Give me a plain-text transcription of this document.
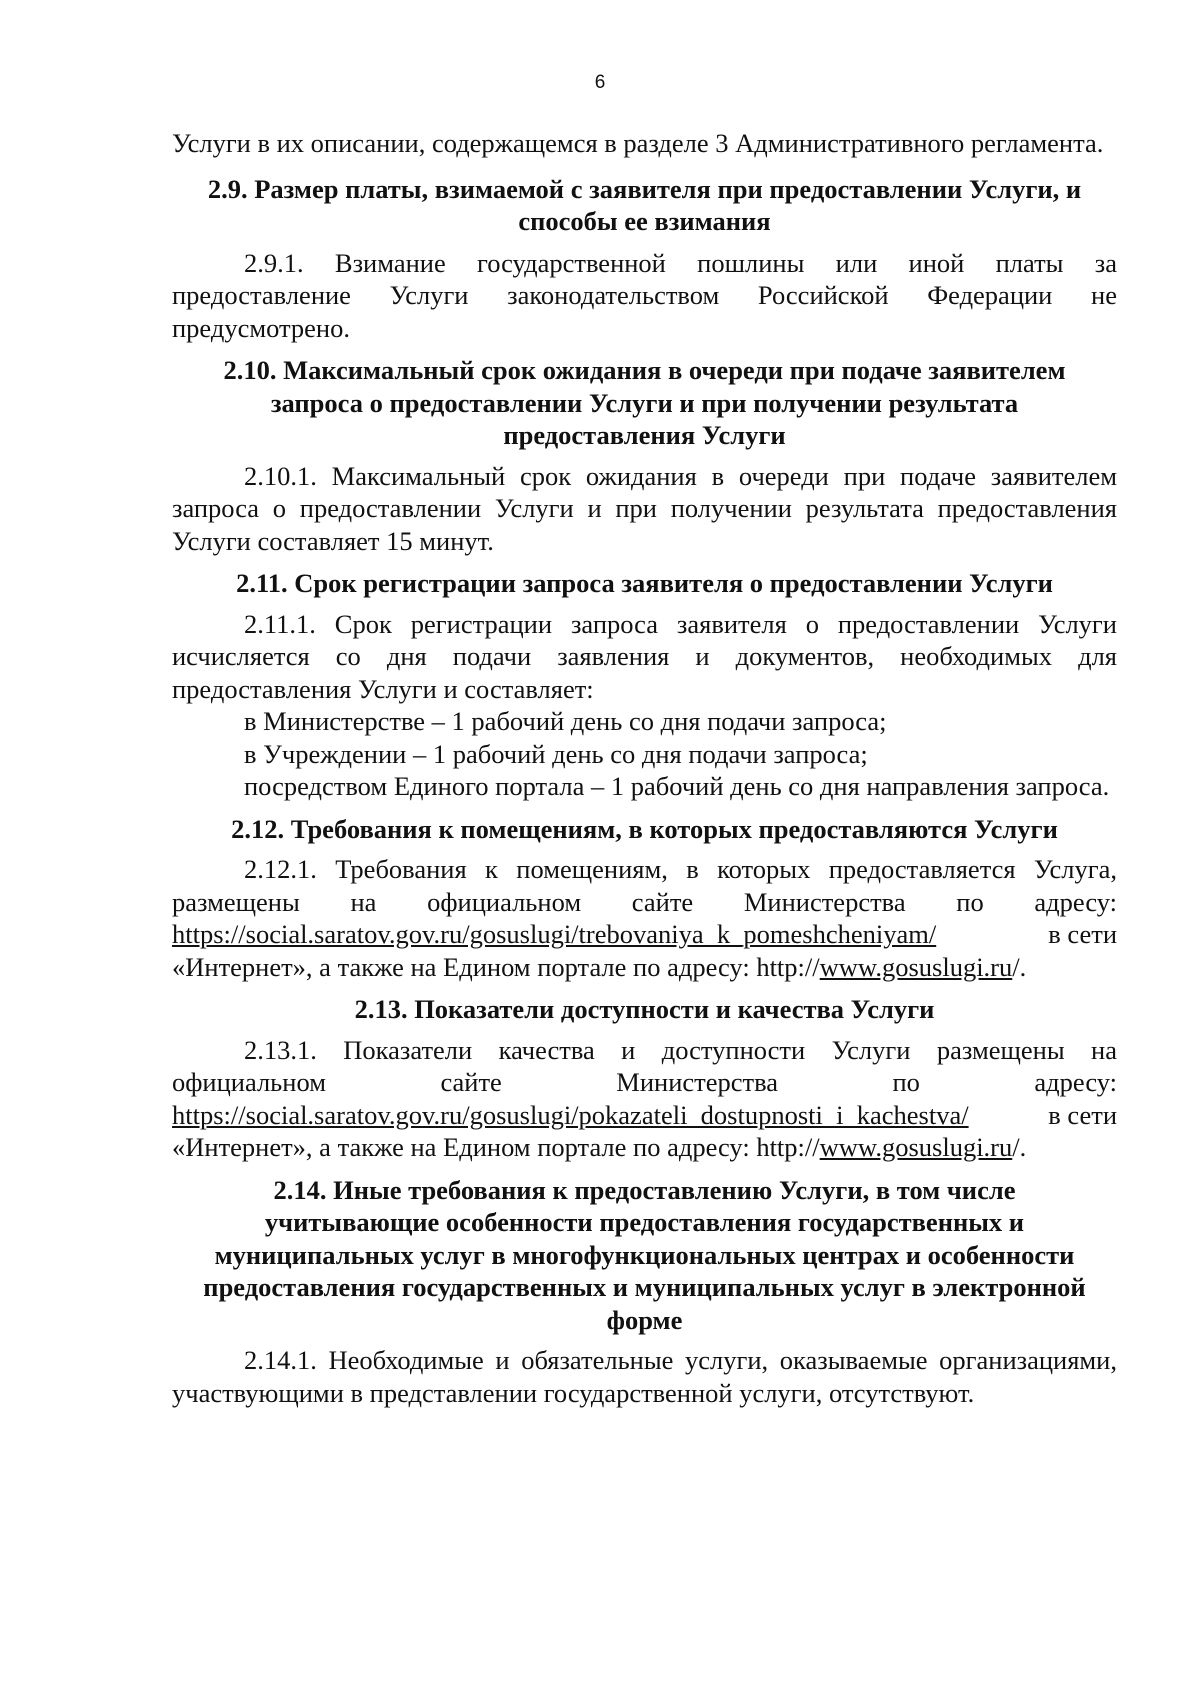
6

Услуги в их описании, содержащемся в разделе 3 Административного регламента.

2.9. Размер платы, взимаемой с заявителя при предоставлении Услуги, и способы ее взимания

2.9.1. Взимание государственной пошлины или иной платы за предоставление Услуги законодательством Российской Федерации не предусмотрено.

2.10. Максимальный срок ожидания в очереди при подаче заявителем запроса о предоставлении Услуги и при получении результата предоставления Услуги

2.10.1. Максимальный срок ожидания в очереди при подаче заявителем запроса о предоставлении Услуги и при получении результата предоставления Услуги составляет 15 минут.

2.11. Срок регистрации запроса заявителя о предоставлении Услуги

2.11.1. Срок регистрации запроса заявителя о предоставлении Услуги исчисляется со дня подачи заявления и документов, необходимых для предоставления Услуги и составляет:

в Министерстве – 1 рабочий день со дня подачи запроса;

в Учреждении – 1 рабочий день со дня подачи запроса;

посредством Единого портала – 1 рабочий день со дня направления запроса.

2.12. Требования к помещениям, в которых предоставляются Услуги
2.12.1. Требования к помещениям, в которых предоставляется Услуга,
размещены на официальном сайте Министерства по адресу:
https://social.saratov.gov.ru/gosuslugi/trebovaniya_k_pomeshcheniyam/	в сети
«Интернет», а также на Едином портале по адресу: http://www.gosuslugi.ru/.
2.13. Показатели доступности и качества Услуги
2.13.1. Показатели качества и доступности Услуги размещены на
официальном сайте Министерства по адресу:
https://social.saratov.gov.ru/gosuslugi/pokazateli_dostupnosti_i_kachestva/	в сети
«Интернет», а также на Едином портале по адресу: http://www.gosuslugi.ru/.
2.14. Иные требования к предоставлению Услуги, в том числе учитывающие особенности предоставления государственных и муниципальных услуг в многофункциональных центрах и особенности предоставления государственных и муниципальных услуг в электронной форме

2.14.1. Необходимые и обязательные услуги, оказываемые организациями, участвующими в представлении государственной услуги, отсутствуют.
